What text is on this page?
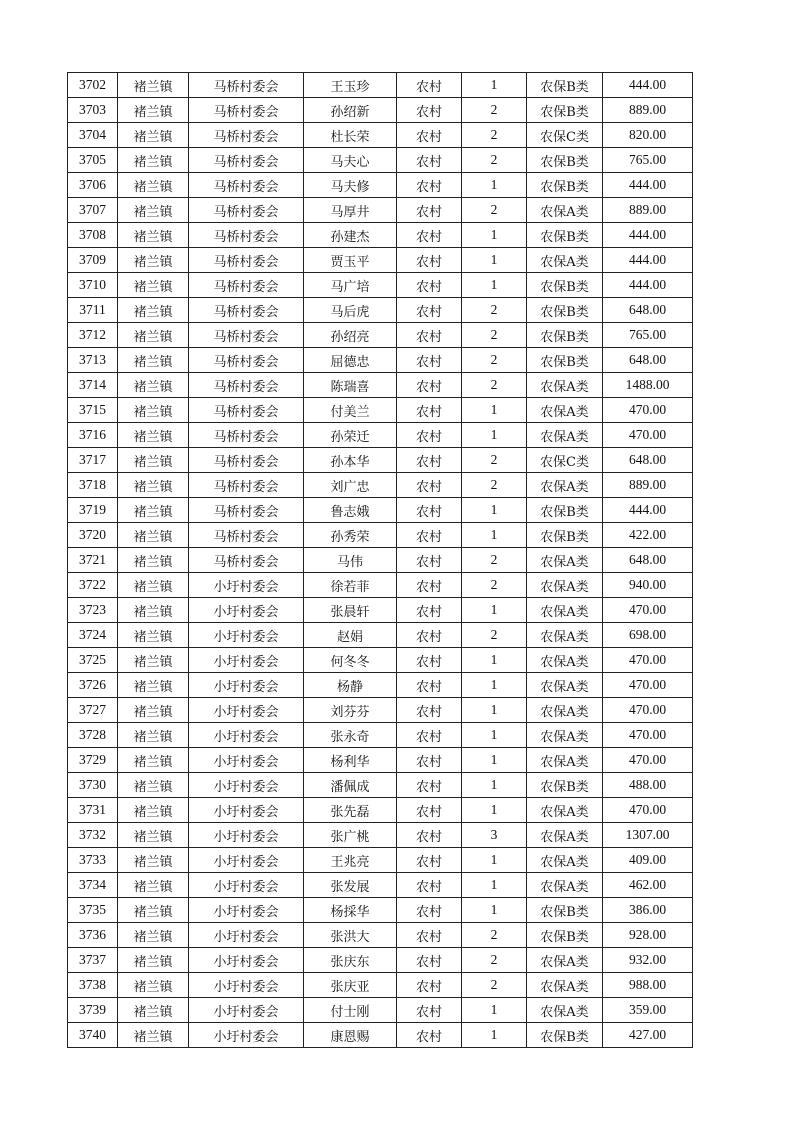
3702	褚兰镇	马桥村委会	王玉珍	农村	1	农保B类	444.00
3703	褚兰镇	马桥村委会	孙绍新	农村	2	农保B类	889.00
3704	褚兰镇	马桥村委会	杜长荣	农村	2	农保C类	820.00
3705	褚兰镇	马桥村委会	马夫心	农村	2	农保B类	765.00
3706	褚兰镇	马桥村委会	马夫修	农村	1	农保B类	444.00
3707	褚兰镇	马桥村委会	马厚井	农村	2	农保A类	889.00
3708	褚兰镇	马桥村委会	孙建杰	农村	1	农保B类	444.00
3709	褚兰镇	马桥村委会	贾玉平	农村	1	农保A类	444.00
3710	褚兰镇	马桥村委会	马广培	农村	1	农保B类	444.00
3711	褚兰镇	马桥村委会	马后虎	农村	2	农保B类	648.00
3712	褚兰镇	马桥村委会	孙绍亮	农村	2	农保B类	765.00
3713	褚兰镇	马桥村委会	屈德忠	农村	2	农保B类	648.00
3714	褚兰镇	马桥村委会	陈瑞喜	农村	2	农保A类	1488.00
3715	褚兰镇	马桥村委会	付美兰	农村	1	农保A类	470.00
3716	褚兰镇	马桥村委会	孙荣迁	农村	1	农保A类	470.00
3717	褚兰镇	马桥村委会	孙本华	农村	2	农保C类	648.00
3718	褚兰镇	马桥村委会	刘广忠	农村	2	农保A类	889.00
3719	褚兰镇	马桥村委会	鲁志娥	农村	1	农保B类	444.00
3720	褚兰镇	马桥村委会	孙秀荣	农村	1	农保B类	422.00
3721	褚兰镇	马桥村委会	马伟	农村	2	农保A类	648.00
3722	褚兰镇	小圩村委会	徐若菲	农村	2	农保A类	940.00
3723	褚兰镇	小圩村委会	张晨轩	农村	1	农保A类	470.00
3724	褚兰镇	小圩村委会	赵娟	农村	2	农保A类	698.00
3725	褚兰镇	小圩村委会	何冬冬	农村	1	农保A类	470.00
3726	褚兰镇	小圩村委会	杨静	农村	1	农保A类	470.00
3727	褚兰镇	小圩村委会	刘芬芬	农村	1	农保A类	470.00
3728	褚兰镇	小圩村委会	张永奇	农村	1	农保A类	470.00
3729	褚兰镇	小圩村委会	杨利华	农村	1	农保A类	470.00
3730	褚兰镇	小圩村委会	潘佩成	农村	1	农保B类	488.00
3731	褚兰镇	小圩村委会	张先磊	农村	1	农保A类	470.00
3732	褚兰镇	小圩村委会	张广桃	农村	3	农保A类	1307.00
3733	褚兰镇	小圩村委会	王兆亮	农村	1	农保A类	409.00
3734	褚兰镇	小圩村委会	张发展	农村	1	农保A类	462.00
3735	褚兰镇	小圩村委会	杨採华	农村	1	农保B类	386.00
3736	褚兰镇	小圩村委会	张洪大	农村	2	农保B类	928.00
3737	褚兰镇	小圩村委会	张庆东	农村	2	农保A类	932.00
3738	褚兰镇	小圩村委会	张庆亚	农村	2	农保A类	988.00
3739	褚兰镇	小圩村委会	付士刚	农村	1	农保A类	359.00
3740	褚兰镇	小圩村委会	康恩赐	农村	1	农保B类	427.00
